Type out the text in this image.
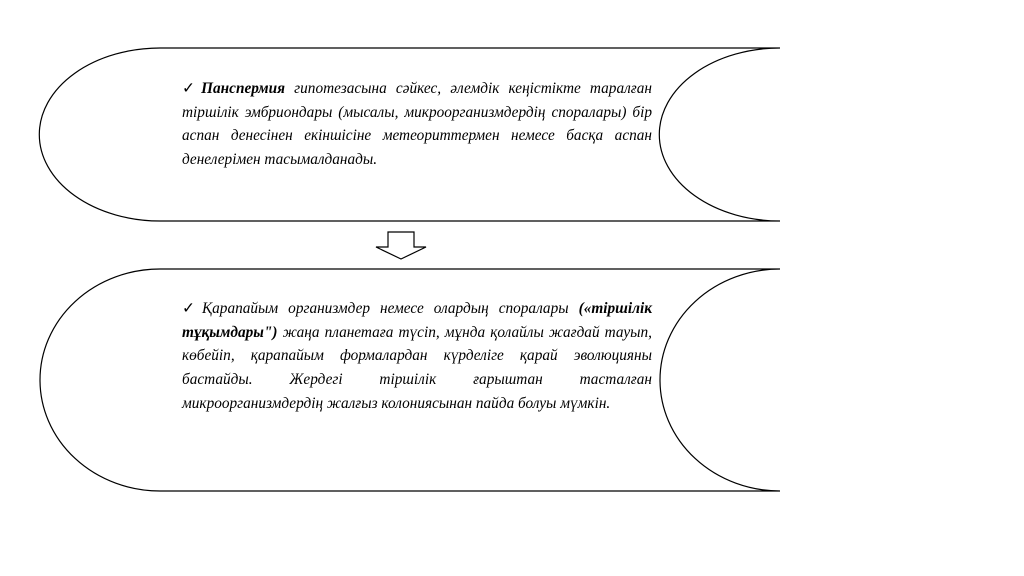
✓Панспермия гипотезасына сәйкес, әлемдік кеңістікте таралған тіршілік эмбриондары (мысалы, микроорганизмдердің споралары) бір аспан денесінен екіншісіне метеориттермен немесе басқа аспан денелерімен тасымалданады.

✓Қарапайым организмдер немесе олардың споралары («тіршілік тұқымдары") жаңа планетаға түсіп, мұнда қолайлы жағдай тауып, көбейіп, қарапайым формалардан күрделіге қарай эволюцияны бастайды. Жердегі тіршілік ғарыштан тасталған микроорганизмдердің жалғыз колониясынан пайда болуы мүмкін.
